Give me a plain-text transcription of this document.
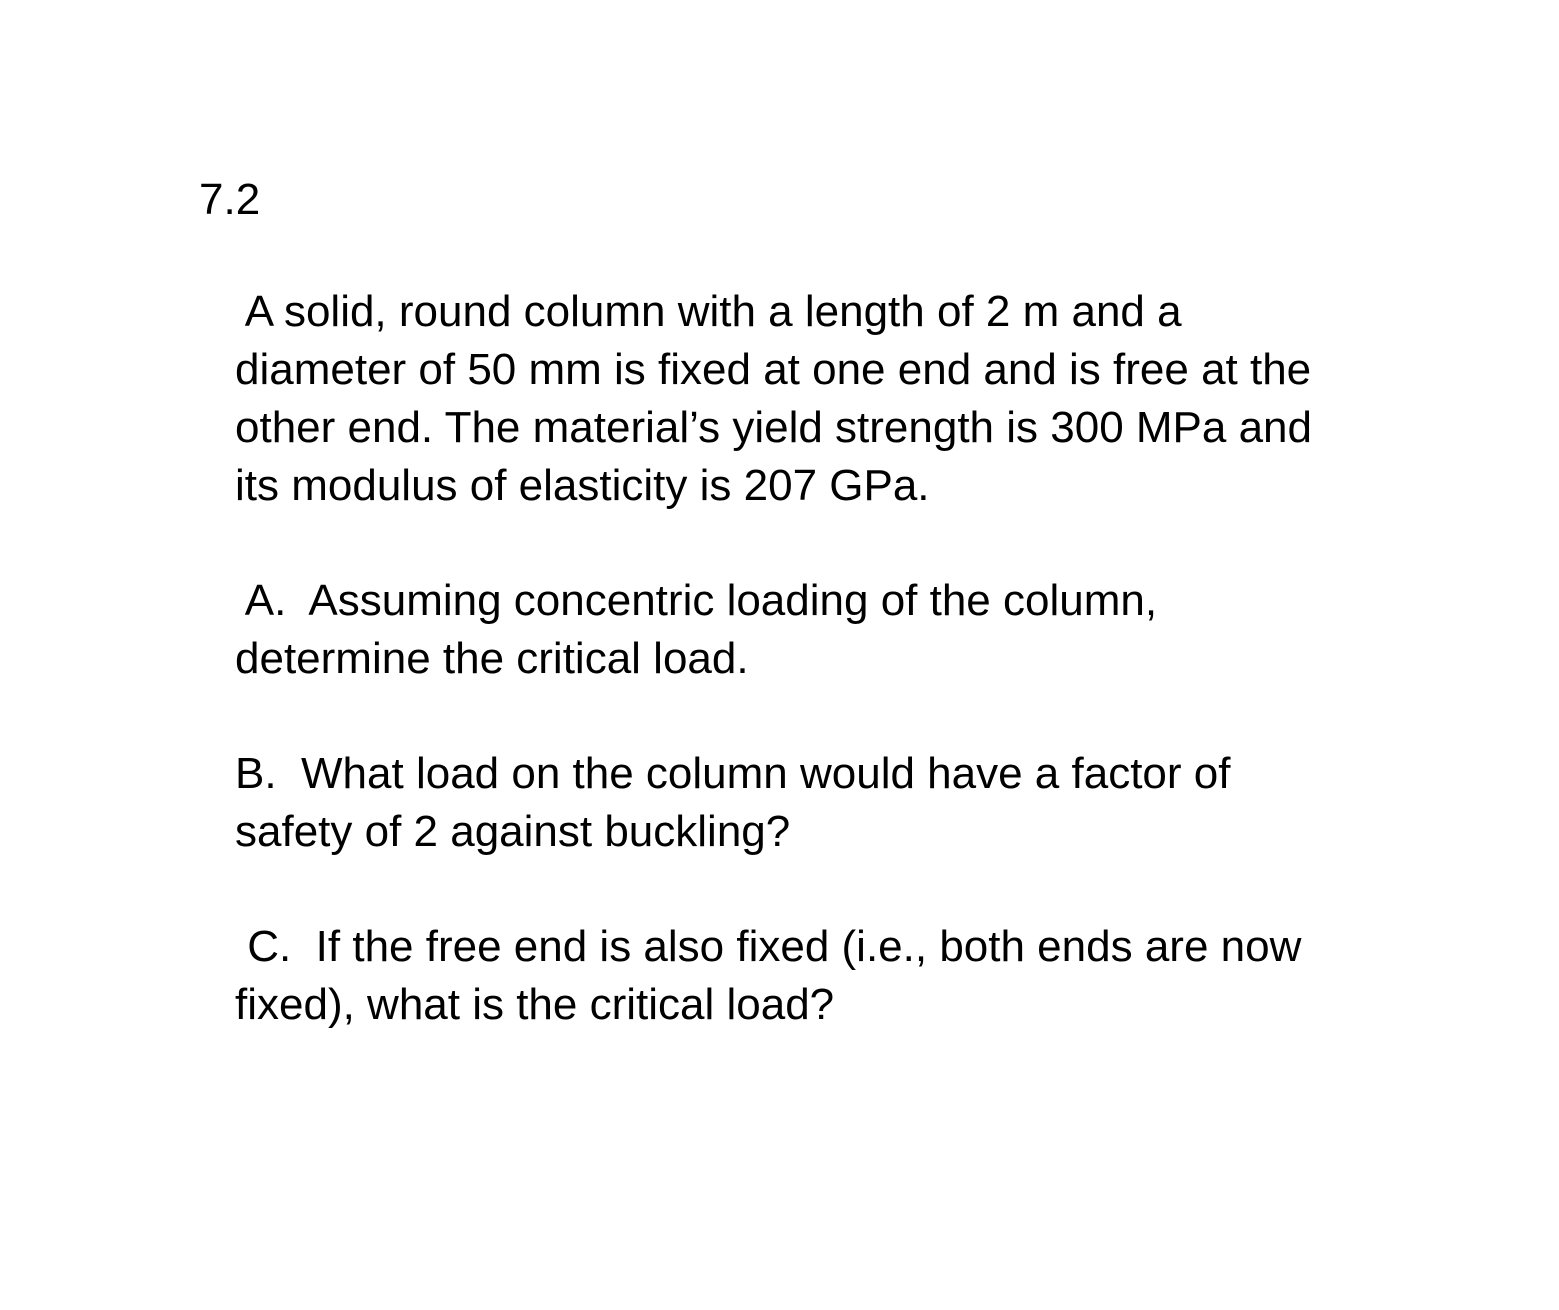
7.2
A solid, round column with a length of 2 m and a
diameter of 50 mm is fixed at one end and is free at the
other end. The material’s yield strength is 300 MPa and
its modulus of elasticity is 207 GPa.
A.  Assuming concentric loading of the column,
determine the critical load.
B.  What load on the column would have a factor of
safety of 2 against buckling?
C.  If the free end is also fixed (i.e., both ends are now
fixed), what is the critical load?
